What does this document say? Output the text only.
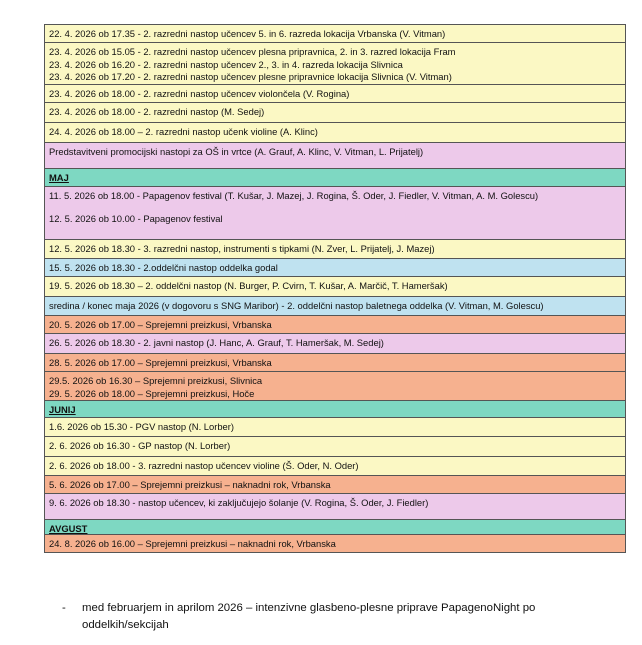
22. 4. 2026 ob 17.35 - 2. razredni nastop učencev 5. in 6. razreda lokacija Vrbanska (V. Vitman)
23. 4. 2026 ob 15.05 - 2. razredni nastop učencev plesna pripravnica, 2. in 3. razred lokacija Fram
23. 4. 2026 ob 16.20 - 2. razredni nastop učencev 2., 3. in 4. razreda lokacija Slivnica
23. 4. 2026 ob 17.20 - 2. razredni nastop učencev plesne pripravnice lokacija Slivnica (V. Vitman)
23. 4. 2026 ob 18.00 - 2. razredni nastop učencev violončela (V. Rogina)
23. 4. 2026 ob 18.00 - 2. razredni nastop (M. Sedej)
24. 4. 2026 ob 18.00 – 2. razredni nastop učenk violine (A. Klinc)
Predstavitveni promocijski nastopi za OŠ in vrtce (A. Grauf, A. Klinc, V. Vitman, L. Prijatelj)
MAJ
11. 5. 2026 ob 18.00 - Papagenov festival (T. Kušar, J. Mazej, J. Rogina, Š. Oder, J. Fiedler, V. Vitman, A. M. Golescu)
12. 5. 2026 ob 10.00 - Papagenov festival
12. 5. 2026 ob 18.30 - 3. razredni nastop, instrumenti s tipkami (N. Zver, L. Prijatelj, J. Mazej)
15. 5. 2026 ob 18.30 - 2.oddelčni nastop oddelka godal
19. 5. 2026 ob 18.30 – 2. oddelčni nastop (N. Burger, P. Cvirn, T. Kušar, A. Marčič, T. Hameršak)
sredina / konec maja 2026 (v dogovoru s SNG Maribor) - 2. oddelčni nastop baletnega oddelka (V. Vitman, M. Golescu)
20. 5. 2026 ob 17.00 – Sprejemni preizkusi, Vrbanska
26. 5. 2026 ob 18.30 - 2. javni nastop (J. Hanc, A. Grauf, T. Hameršak, M. Sedej)
28. 5. 2026 ob 17.00 – Sprejemni preizkusi, Vrbanska
29.5. 2026 ob 16.30 – Sprejemni preizkusi, Slivnica
29. 5. 2026 ob 18.00 – Sprejemni preizkusi, Hoče
JUNIJ
1.6. 2026 ob 15.30 - PGV nastop (N. Lorber)
2. 6. 2026 ob 16.30 - GP nastop (N. Lorber)
2. 6. 2026 ob 18.00 - 3. razredni nastop učencev violine (Š. Oder, N. Oder)
5. 6. 2026 ob 17.00 – Sprejemni preizkusi – naknadni rok, Vrbanska
9. 6. 2026 ob 18.30 - nastop učencev, ki zaključujejo šolanje (V. Rogina, Š. Oder, J. Fiedler)
AVGUST
24. 8. 2026 ob 16.00 – Sprejemni preizkusi – naknadni rok, Vrbanska
- med februarjem in aprilom 2026 – intenzivne glasbeno-plesne priprave PapagenoNight po oddelkih/sekcijah
